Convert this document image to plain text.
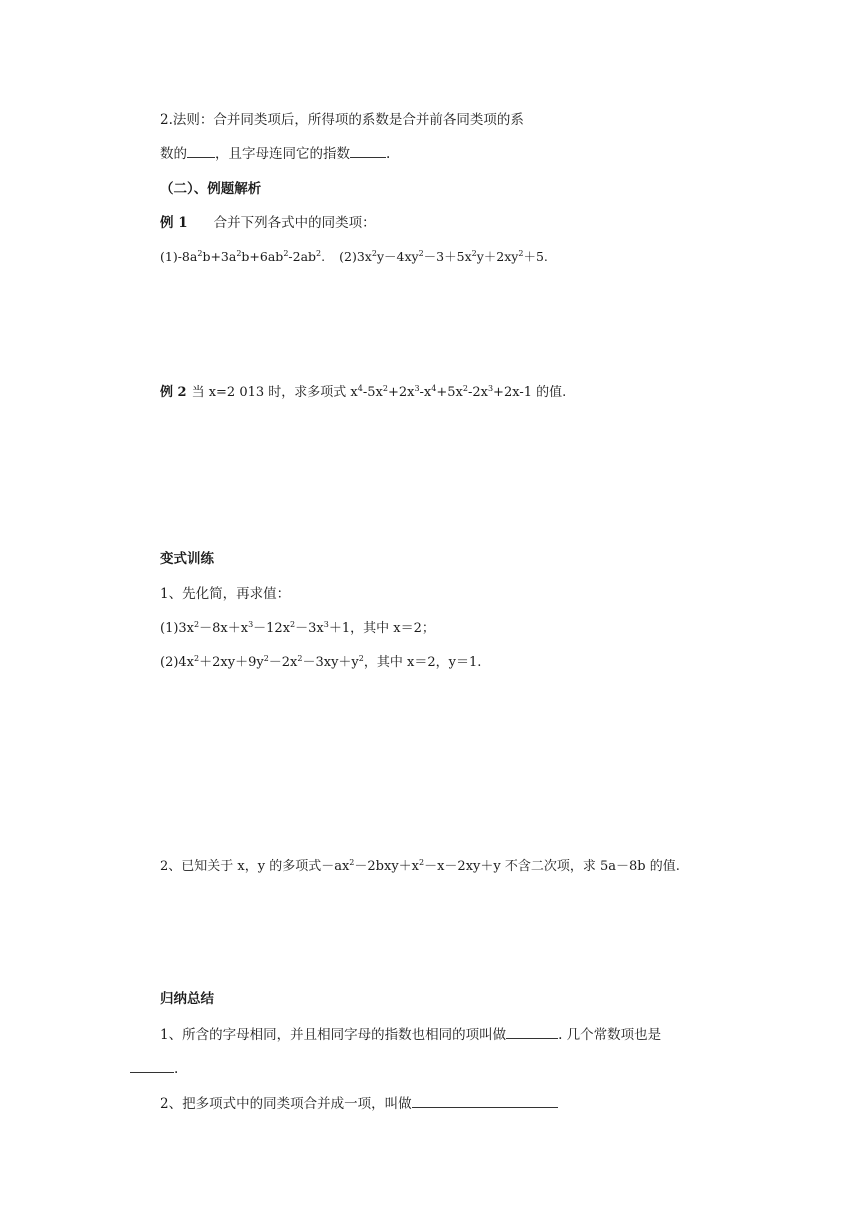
2.法则：合并同类项后，所得项的系数是合并前各同类项的系
数的 ，且字母连同它的指数	.
（二）、例题解析
例 1 合并下列各式中的同类项：
$(1)-8a^2b+3a^2b+6ab^2-2ab^2$. $(2)3x^2y-4xy^2-3+5x^2y+2xy^2+5$.
例 2 当 x=2 013 时，求多项式 $x^4-5x^2+2x^3-x^4+5x^2-2x^3+2x-1$ 的值.
变式训练
1、先化简，再求值：
$(1)3x^2-8x+x^3-12x^2-3x^3+1$，其中 x＝2；
$(2)4x^2+2xy+9y^2-2x^2-3xy+y^2$，其中 x＝2，y＝1.
2、已知关于 x，y 的多项式$-ax^2-2bxy+x^2-x-2xy+y$ 不含二次项，求 5a－8b 的值.
归纳总结
1、所含的字母相同，并且相同字母的指数也相同的项叫做	. 几个常数项也是
.
2、把多项式中的同类项合并成一项，叫做
